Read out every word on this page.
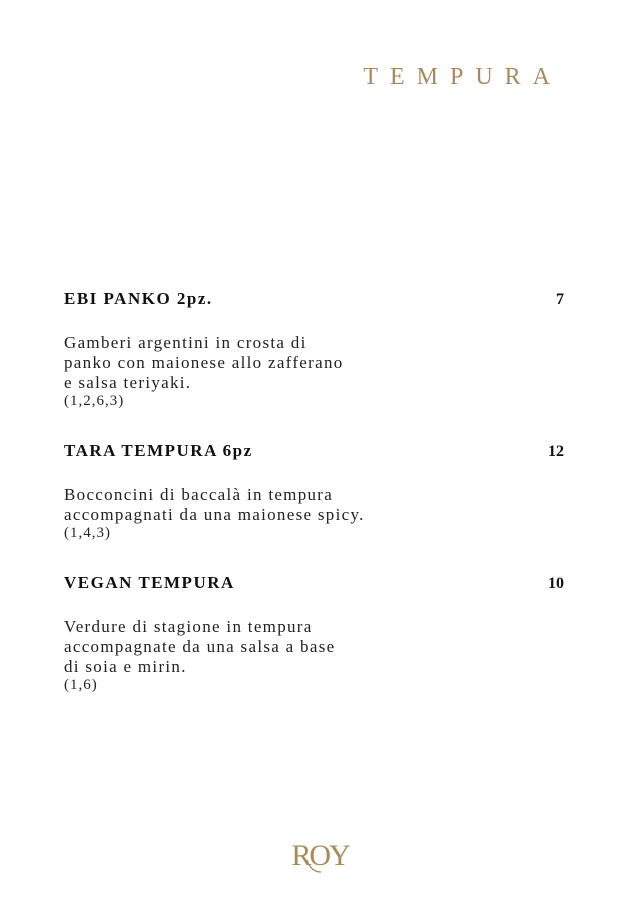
TEMPURA
EBI PANKO 2pz.	7
Gamberi argentini in crosta di
panko con maionese allo zafferano
e salsa teriyaki.
(1,2,6,3)
TARA TEMPURA 6pz	12
Bocconcini di baccalà in tempura
accompagnati da una maionese spicy.
(1,4,3)
VEGAN TEMPURA	10
Verdure di stagione in tempura
accompagnate da una salsa a base
di soia e mirin.
(1,6)
ROY
